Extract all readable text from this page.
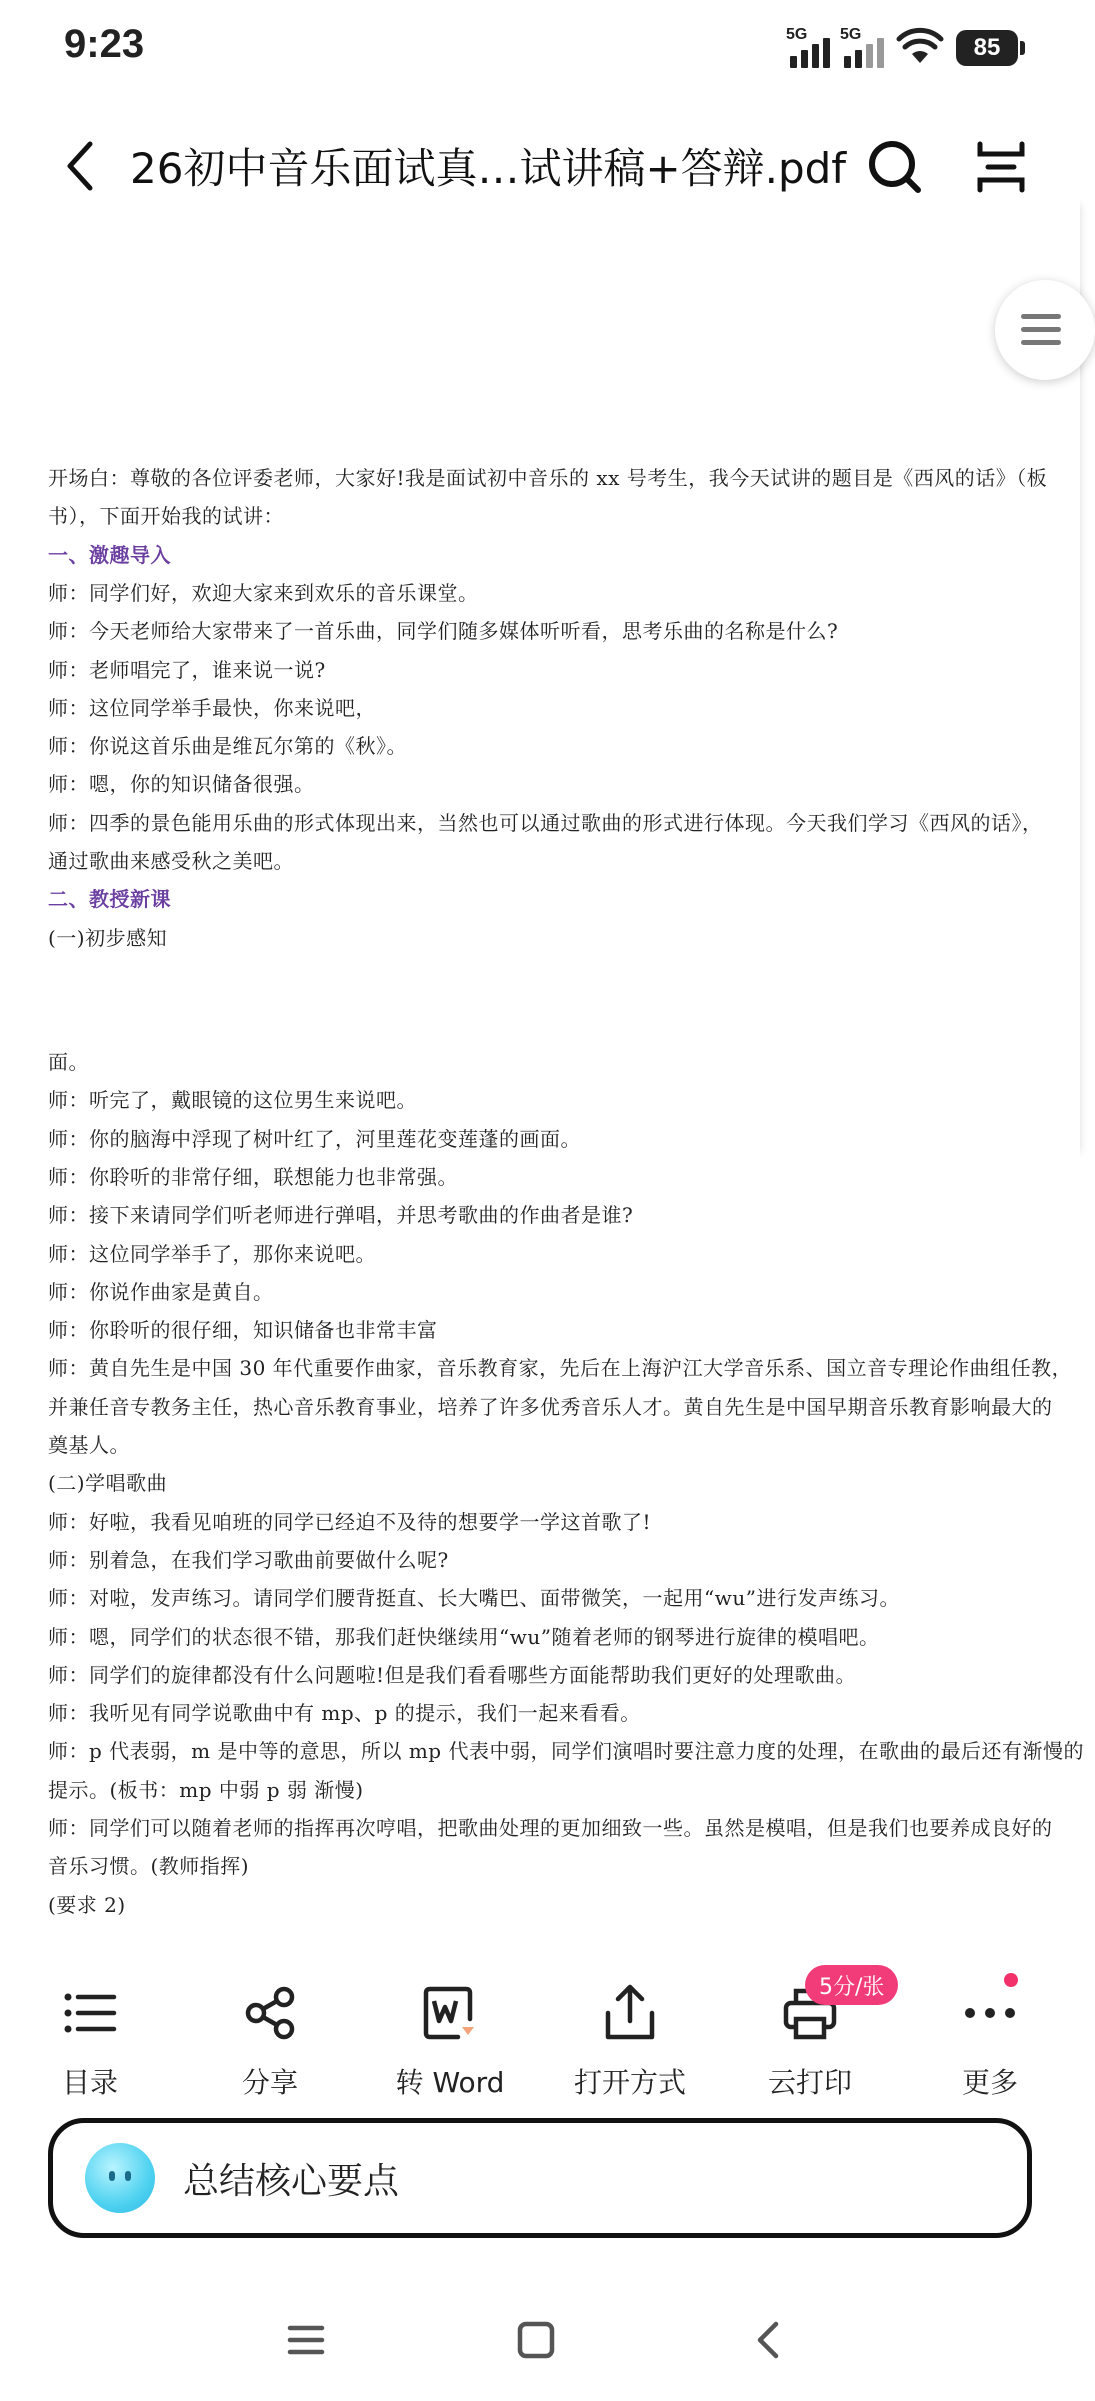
9:23	5G 5G	85
26初中音乐面试真…试讲稿+答辩.pdf
开场白：尊敬的各位评委老师，大家好!我是面试初中音乐的 xx 号考生，我今天试讲的题目是《西风的话》（板
书），下面开始我的试讲：
一、激趣导入
师：同学们好，欢迎大家来到欢乐的音乐课堂。
师：今天老师给大家带来了一首乐曲，同学们随多媒体听听看，思考乐曲的名称是什么?
师：老师唱完了，谁来说一说?
师：这位同学举手最快，你来说吧，
师：你说这首乐曲是维瓦尔第的《秋》。
师：嗯，你的知识储备很强。
师：四季的景色能用乐曲的形式体现出来，当然也可以通过歌曲的形式进行体现。今天我们学习《西风的话》，
通过歌曲来感受秋之美吧。
二、教授新课
(一)初步感知
面。
师：听完了，戴眼镜的这位男生来说吧。
师：你的脑海中浮现了树叶红了，河里莲花变莲蓬的画面。
师：你聆听的非常仔细，联想能力也非常强。
师：接下来请同学们听老师进行弹唱，并思考歌曲的作曲者是谁?
师：这位同学举手了，那你来说吧。
师：你说作曲家是黄自。
师：你聆听的很仔细，知识储备也非常丰富
师：黄自先生是中国 30 年代重要作曲家，音乐教育家，先后在上海沪江大学音乐系、国立音专理论作曲组任教，
并兼任音专教务主任，热心音乐教育事业，培养了许多优秀音乐人才。黄自先生是中国早期音乐教育影响最大的
奠基人。
(二)学唱歌曲
师：好啦，我看见咱班的同学已经迫不及待的想要学一学这首歌了!
师：别着急，在我们学习歌曲前要做什么呢?
师：对啦，发声练习。请同学们腰背挺直、长大嘴巴、面带微笑，一起用“wu”进行发声练习。
师：嗯，同学们的状态很不错，那我们赶快继续用“wu”随着老师的钢琴进行旋律的模唱吧。
师：同学们的旋律都没有什么问题啦!但是我们看看哪些方面能帮助我们更好的处理歌曲。
师：我听见有同学说歌曲中有 mp、p 的提示，我们一起来看看。
师：p 代表弱，m 是中等的意思，所以 mp 代表中弱，同学们演唱时要注意力度的处理，在歌曲的最后还有渐慢的
提示。(板书：mp 中弱 p 弱 渐慢)
师：同学们可以随着老师的指挥再次哼唱，把歌曲处理的更加细致一些。虽然是模唱，但是我们也要养成良好的
音乐习惯。(教师指挥)
(要求 2)
目录	分享	转 Word 打开方式	云打印	更多
5分/张
总结核心要点
